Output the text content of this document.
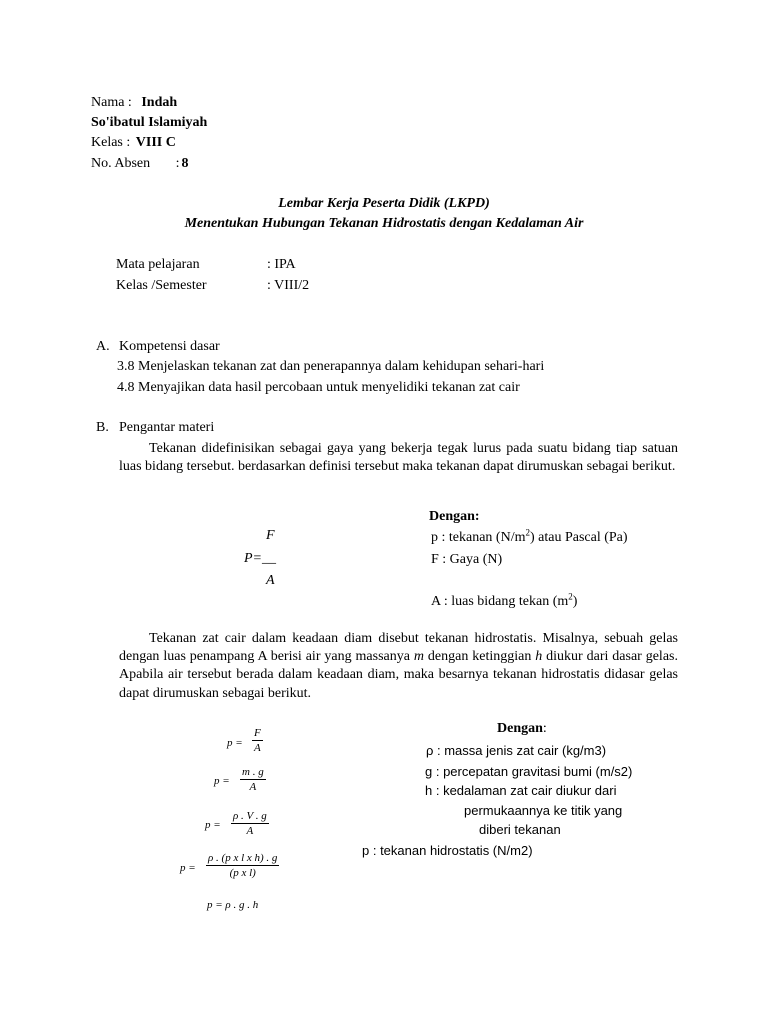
Nama : Indah
So'ibatul Islamiyah
Kelas : VIII C
No. Absen : 8
Lembar Kerja Peserta Didik (LKPD)
Menentukan Hubungan Tekanan Hidrostatis dengan Kedalaman Air
Mata pelajaran	: IPA
Kelas /Semester	: VIII/2
A. Kompetensi dasar
3.8 Menjelaskan tekanan zat dan penerapannya dalam kehidupan sehari-hari
4.8 Menyajikan data hasil percobaan untuk menyelidiki tekanan zat cair
B. Pengantar materi
Tekanan didefinisikan sebagai gaya yang bekerja tegak lurus pada suatu bidang tiap satuan luas bidang tersebut. berdasarkan definisi tersebut maka tekanan dapat dirumuskan sebagai berikut.
F
P=__
A
Dengan:
p : tekanan $(N/m^2)$ atau Pascal (Pa)
F : Gaya (N)
A : luas bidang tekan $(m^2)$
Tekanan zat cair dalam keadaan diam disebut tekanan hidrostatis. Misalnya, sebuah gelas dengan luas penampang A berisi air yang massanya m dengan ketinggian h diukur dari dasar gelas. Apabila air tersebut berada dalam keadaan diam, maka besarnya tekanan hidrostatis didasar gelas dapat dirumuskan sebagai berikut.
$p = \frac{F}{A}$
$p = \frac{m . g}{A}$
$p = \frac{\rho . V . g}{A}$
$p = \frac{\text{ρ . (p x l x h) . g}}{\text{(p x l)}}$
p = ρ . g . h
Dengan:
ρ : massa jenis zat cair (kg/m3)
g : percepatan gravitasi bumi (m/s2)
h : kedalaman zat cair diukur dari
permukaannya ke titik yang
diberi tekanan
p : tekanan hidrostatis (N/m2)
